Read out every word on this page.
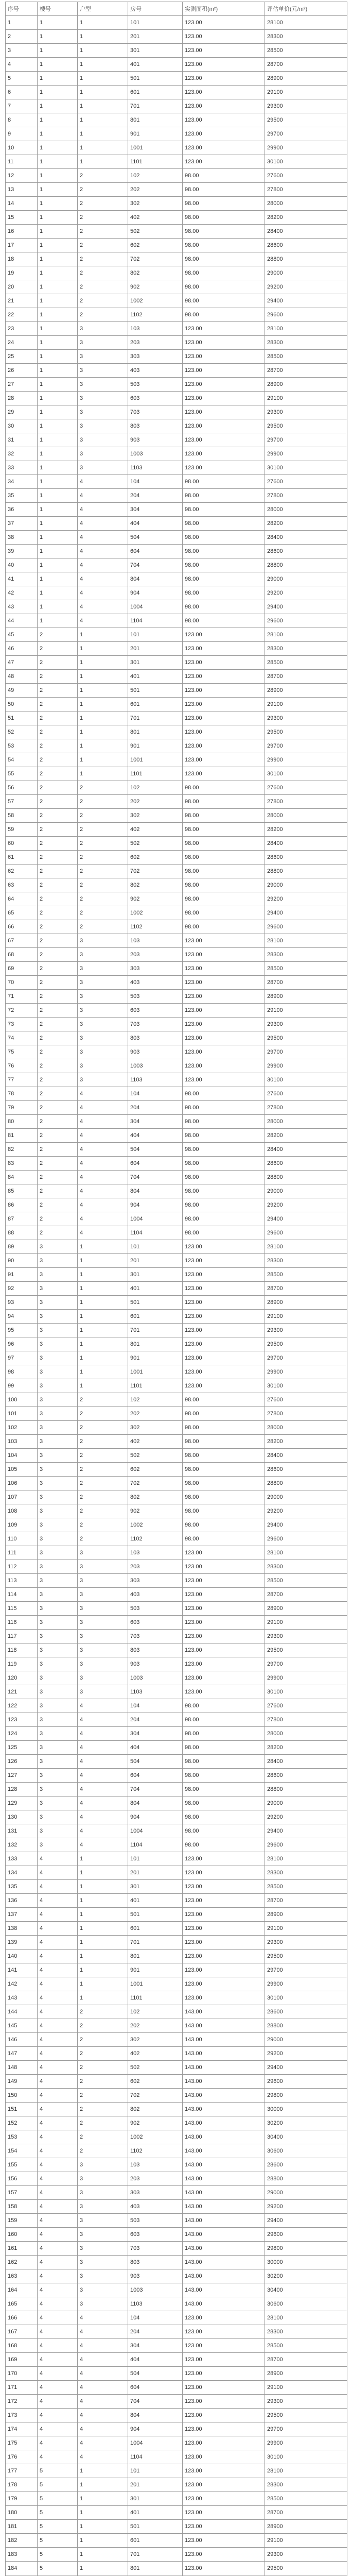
序号	楼号	户型	房号	实测面积(m²)	评估单价(元/m²)
1	1	1	101	123.00	28100
2	1	1	201	123.00	28300
3	1	1	301	123.00	28500
4	1	1	401	123.00	28700
5	1	1	501	123.00	28900
6	1	1	601	123.00	29100
7	1	1	701	123.00	29300
8	1	1	801	123.00	29500
9	1	1	901	123.00	29700
10	1	1	1001	123.00	29900
11	1	1	1101	123.00	30100
12	1	2	102	98.00	27600
13	1	2	202	98.00	27800
14	1	2	302	98.00	28000
15	1	2	402	98.00	28200
16	1	2	502	98.00	28400
17	1	2	602	98.00	28600
18	1	2	702	98.00	28800
19	1	2	802	98.00	29000
20	1	2	902	98.00	29200
21	1	2	1002	98.00	29400
22	1	2	1102	98.00	29600
23	1	3	103	123.00	28100
24	1	3	203	123.00	28300
25	1	3	303	123.00	28500
26	1	3	403	123.00	28700
27	1	3	503	123.00	28900
28	1	3	603	123.00	29100
29	1	3	703	123.00	29300
30	1	3	803	123.00	29500
31	1	3	903	123.00	29700
32	1	3	1003	123.00	29900
33	1	3	1103	123.00	30100
34	1	4	104	98.00	27600
35	1	4	204	98.00	27800
36	1	4	304	98.00	28000
37	1	4	404	98.00	28200
38	1	4	504	98.00	28400
39	1	4	604	98.00	28600
40	1	4	704	98.00	28800
41	1	4	804	98.00	29000
42	1	4	904	98.00	29200
43	1	4	1004	98.00	29400
44	1	4	1104	98.00	29600
45	2	1	101	123.00	28100
46	2	1	201	123.00	28300
47	2	1	301	123.00	28500
48	2	1	401	123.00	28700
49	2	1	501	123.00	28900
50	2	1	601	123.00	29100
51	2	1	701	123.00	29300
52	2	1	801	123.00	29500
53	2	1	901	123.00	29700
54	2	1	1001	123.00	29900
55	2	1	1101	123.00	30100
56	2	2	102	98.00	27600
57	2	2	202	98.00	27800
58	2	2	302	98.00	28000
59	2	2	402	98.00	28200
60	2	2	502	98.00	28400
61	2	2	602	98.00	28600
62	2	2	702	98.00	28800
63	2	2	802	98.00	29000
64	2	2	902	98.00	29200
65	2	2	1002	98.00	29400
66	2	2	1102	98.00	29600
67	2	3	103	123.00	28100
68	2	3	203	123.00	28300
69	2	3	303	123.00	28500
70	2	3	403	123.00	28700
71	2	3	503	123.00	28900
72	2	3	603	123.00	29100
73	2	3	703	123.00	29300
74	2	3	803	123.00	29500
75	2	3	903	123.00	29700
76	2	3	1003	123.00	29900
77	2	3	1103	123.00	30100
78	2	4	104	98.00	27600
79	2	4	204	98.00	27800
80	2	4	304	98.00	28000
81	2	4	404	98.00	28200
82	2	4	504	98.00	28400
83	2	4	604	98.00	28600
84	2	4	704	98.00	28800
85	2	4	804	98.00	29000
86	2	4	904	98.00	29200
87	2	4	1004	98.00	29400
88	2	4	1104	98.00	29600
89	3	1	101	123.00	28100
90	3	1	201	123.00	28300
91	3	1	301	123.00	28500
92	3	1	401	123.00	28700
93	3	1	501	123.00	28900
94	3	1	601	123.00	29100
95	3	1	701	123.00	29300
96	3	1	801	123.00	29500
97	3	1	901	123.00	29700
98	3	1	1001	123.00	29900
99	3	1	1101	123.00	30100
100	3	2	102	98.00	27600
101	3	2	202	98.00	27800
102	3	2	302	98.00	28000
103	3	2	402	98.00	28200
104	3	2	502	98.00	28400
105	3	2	602	98.00	28600
106	3	2	702	98.00	28800
107	3	2	802	98.00	29000
108	3	2	902	98.00	29200
109	3	2	1002	98.00	29400
110	3	2	1102	98.00	29600
111	3	3	103	123.00	28100
112	3	3	203	123.00	28300
113	3	3	303	123.00	28500
114	3	3	403	123.00	28700
115	3	3	503	123.00	28900
116	3	3	603	123.00	29100
117	3	3	703	123.00	29300
118	3	3	803	123.00	29500
119	3	3	903	123.00	29700
120	3	3	1003	123.00	29900
121	3	3	1103	123.00	30100
122	3	4	104	98.00	27600
123	3	4	204	98.00	27800
124	3	4	304	98.00	28000
125	3	4	404	98.00	28200
126	3	4	504	98.00	28400
127	3	4	604	98.00	28600
128	3	4	704	98.00	28800
129	3	4	804	98.00	29000
130	3	4	904	98.00	29200
131	3	4	1004	98.00	29400
132	3	4	1104	98.00	29600
133	4	1	101	123.00	28100
134	4	1	201	123.00	28300
135	4	1	301	123.00	28500
136	4	1	401	123.00	28700
137	4	1	501	123.00	28900
138	4	1	601	123.00	29100
139	4	1	701	123.00	29300
140	4	1	801	123.00	29500
141	4	1	901	123.00	29700
142	4	1	1001	123.00	29900
143	4	1	1101	123.00	30100
144	4	2	102	143.00	28600
145	4	2	202	143.00	28800
146	4	2	302	143.00	29000
147	4	2	402	143.00	29200
148	4	2	502	143.00	29400
149	4	2	602	143.00	29600
150	4	2	702	143.00	29800
151	4	2	802	143.00	30000
152	4	2	902	143.00	30200
153	4	2	1002	143.00	30400
154	4	2	1102	143.00	30600
155	4	3	103	143.00	28600
156	4	3	203	143.00	28800
157	4	3	303	143.00	29000
158	4	3	403	143.00	29200
159	4	3	503	143.00	29400
160	4	3	603	143.00	29600
161	4	3	703	143.00	29800
162	4	3	803	143.00	30000
163	4	3	903	143.00	30200
164	4	3	1003	143.00	30400
165	4	3	1103	143.00	30600
166	4	4	104	123.00	28100
167	4	4	204	123.00	28300
168	4	4	304	123.00	28500
169	4	4	404	123.00	28700
170	4	4	504	123.00	28900
171	4	4	604	123.00	29100
172	4	4	704	123.00	29300
173	4	4	804	123.00	29500
174	4	4	904	123.00	29700
175	4	4	1004	123.00	29900
176	4	4	1104	123.00	30100
177	5	1	101	123.00	28100
178	5	1	201	123.00	28300
179	5	1	301	123.00	28500
180	5	1	401	123.00	28700
181	5	1	501	123.00	28900
182	5	1	601	123.00	29100
183	5	1	701	123.00	29300
184	5	1	801	123.00	29500
